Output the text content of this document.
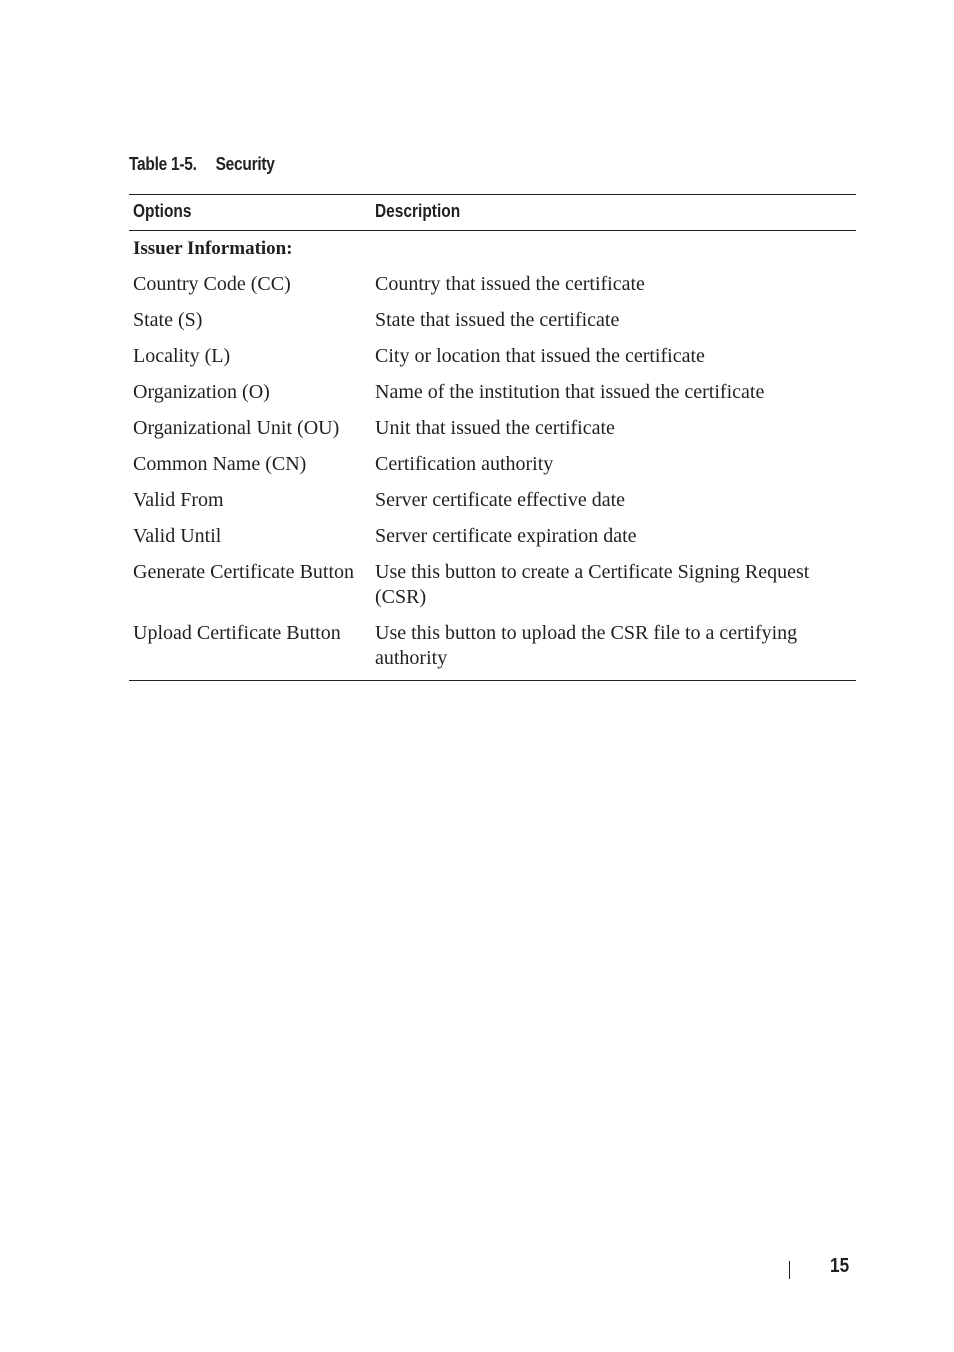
Table 1-5. Security
Options	Description
Issuer Information:	
Country Code (CC)	Country that issued the certificate
State (S)	State that issued the certificate
Locality (L)	City or location that issued the certificate
Organization (O)	Name of the institution that issued the certificate
Organizational Unit (OU)	Unit that issued the certificate
Common Name (CN)	Certification authority
Valid From	Server certificate effective date
Valid Until	Server certificate expiration date
Generate Certificate Button	Use this button to create a Certificate Signing Request (CSR)
Upload Certificate Button	Use this button to upload the CSR file to a certifying authority
15
